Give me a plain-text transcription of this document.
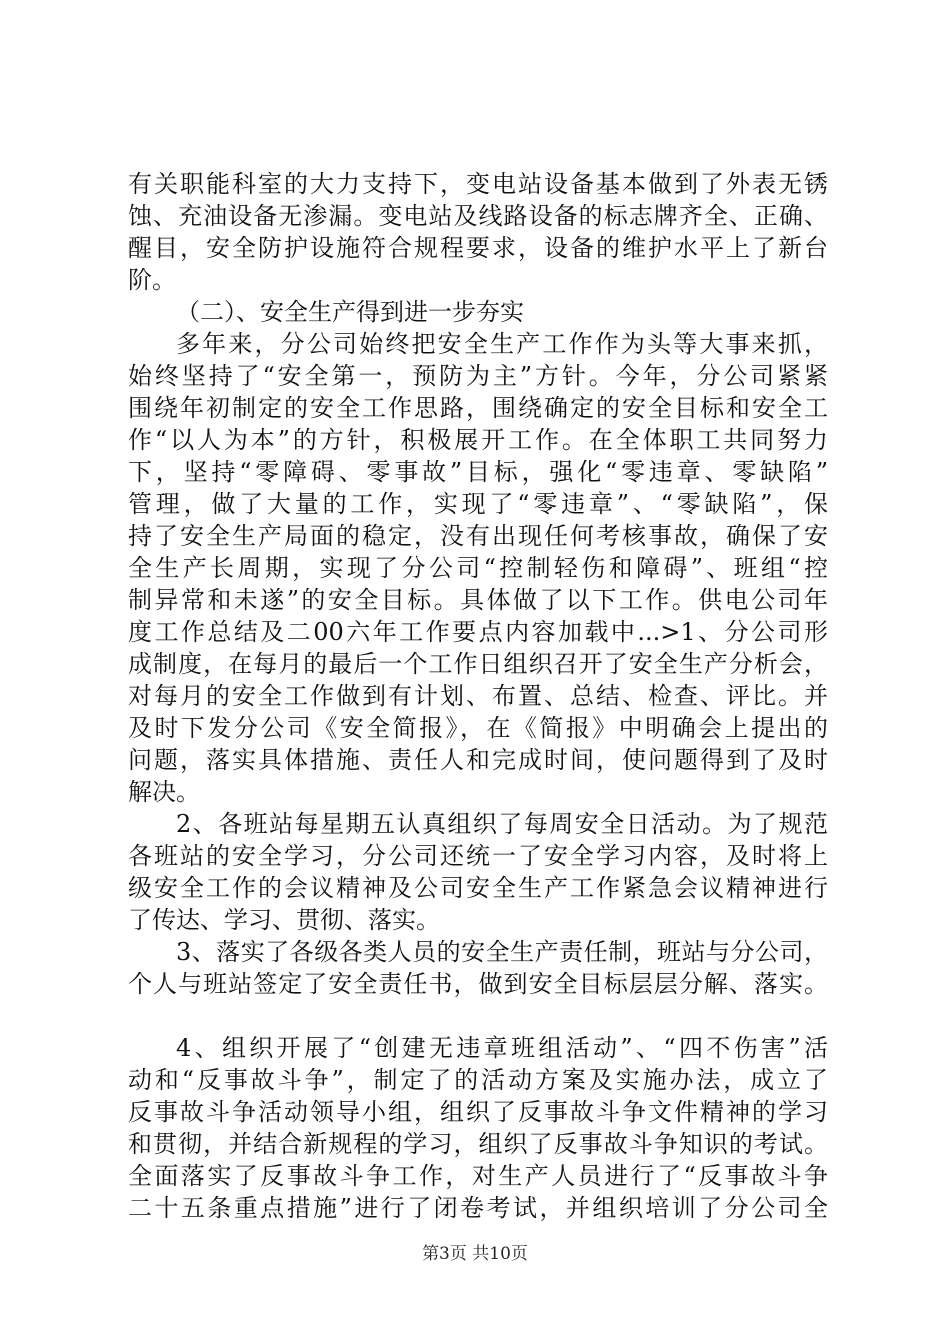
有关职能科室的大力支持下，变电站设备基本做到了外表无锈
蚀、充油设备无渗漏。变电站及线路设备的标志牌齐全、正确、
醒目，安全防护设施符合规程要求，设备的维护水平上了新台
阶。
（二）、安全生产得到进一步夯实
多年来，分公司始终把安全生产工作作为头等大事来抓，
始终坚持了“安全第一，预防为主”方针。今年，分公司紧紧
围绕年初制定的安全工作思路，围绕确定的安全目标和安全工
作“以人为本”的方针，积极展开工作。在全体职工共同努力
下，坚持“零障碍、零事故”目标，强化“零违章、零缺陷”
管理，做了大量的工作，实现了“零违章”、“零缺陷”，保
持了安全生产局面的稳定，没有出现任何考核事故，确保了安
全生产长周期，实现了分公司“控制轻伤和障碍”、班组“控
制异常和未遂”的安全目标。具体做了以下工作。供电公司年
度工作总结及二00六年工作要点内容加载中...>1、分公司形
成制度，在每月的最后一个工作日组织召开了安全生产分析会，
对每月的安全工作做到有计划、布置、总结、检查、评比。并
及时下发分公司《安全简报》，在《简报》中明确会上提出的
问题，落实具体措施、责任人和完成时间，使问题得到了及时
解决。
2、各班站每星期五认真组织了每周安全日活动。为了规范
各班站的安全学习，分公司还统一了安全学习内容，及时将上
级安全工作的会议精神及公司安全生产工作紧急会议精神进行
了传达、学习、贯彻、落实。
3、落实了各级各类人员的安全生产责任制，班站与分公司，
个人与班站签定了安全责任书，做到安全目标层层分解、落实。
4、组织开展了“创建无违章班组活动”、“四不伤害”活
动和“反事故斗争”，制定了的活动方案及实施办法，成立了
反事故斗争活动领导小组，组织了反事故斗争文件精神的学习
和贯彻，并结合新规程的学习，组织了反事故斗争知识的考试。
全面落实了反事故斗争工作，对生产人员进行了“反事故斗争
二十五条重点措施”进行了闭卷考试，并组织培训了分公司全
第3页 共10页
